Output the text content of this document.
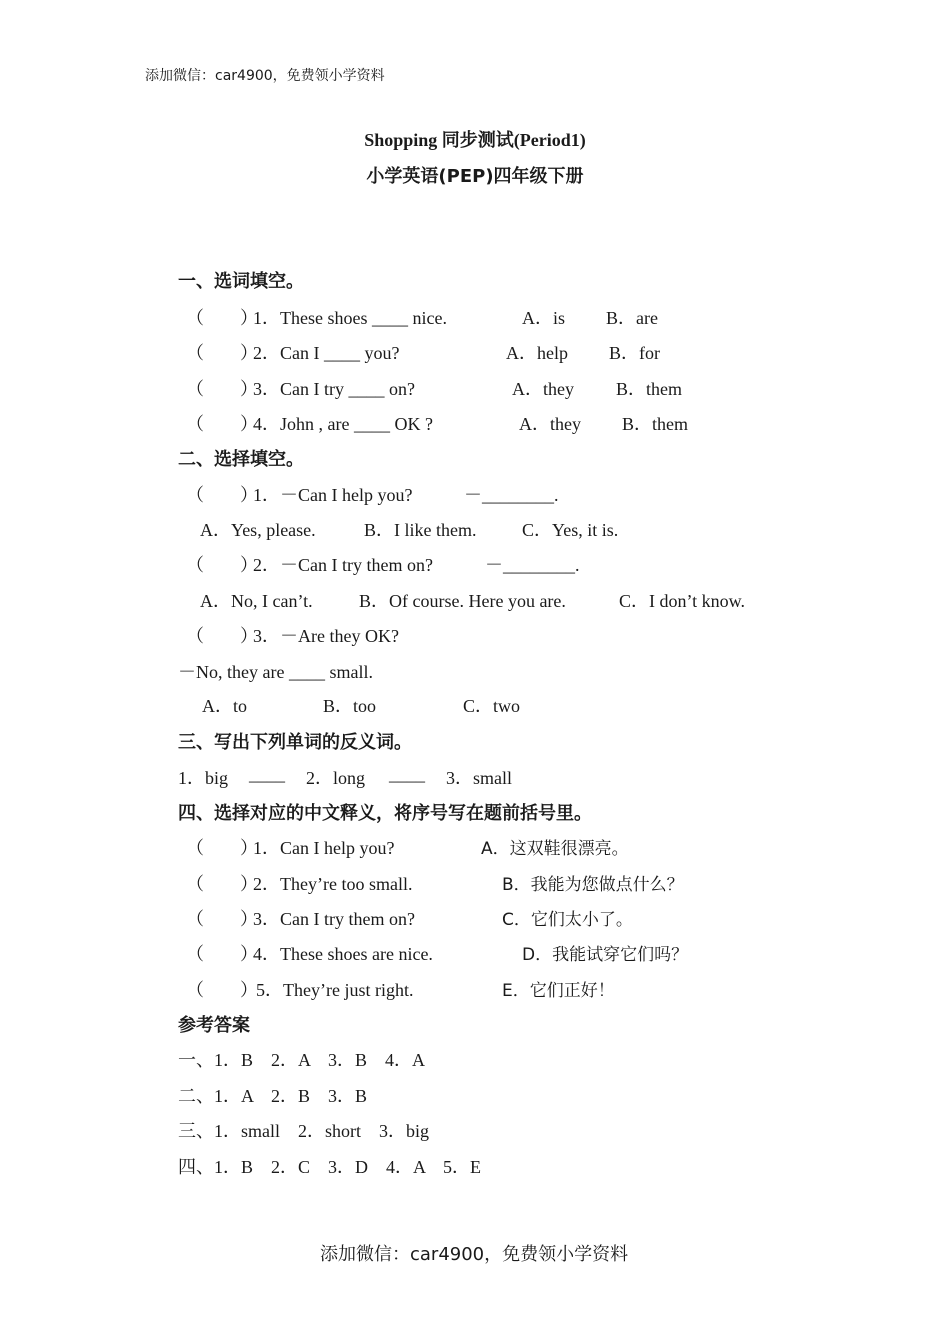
添加微信：car4900，免费领小学资料
Shopping 同步测试(Period1)
小学英语(PEP)四年级下册
一、选词填空。
（　　）
1．These shoes ____ nice.	A．is B．are
（　　）
2．Can I ____ you?	A．help B．for
（　　）
3．Can I try ____ on?	A．they B．them
（　　）
4．John , are ____ OK ?	A．they B．them
二、选择填空。
（　　）
1．－Can I help you?	－________.
A．Yes, please.	B．I like them.	C．Yes, it is.
（　　）
2．－Can I try them on?	－________.
A．No, I can’t.	B．Of course. Here you are.	C．I don’t know.
（　　）
3．－Are they OK?
－No, they are ____ small.
A．to	B．too	C．two
三、写出下列单词的反义词。
1．big ____ 2．long ____ 3．small
四、选择对应的中文释义，将序号写在题前括号里。
（　　）
1．Can I help you?	A．这双鞋很漂亮。
（　　）
2．They’re too small.	B．我能为您做点什么？
（　　）
3．Can I try them on?	C．它们太小了。
（　　）
4．These shoes are nice.	D．我能试穿它们吗？
（　　）
5．They’re just right.	E．它们正好！
参考答案
一、1．B　2．A　3．B　4．A
二、1．A　2．B　3．B
三、1．small　2．short　3．big
四、1．B　2．C　3．D　4．A　5．E
添加微信：car4900，免费领小学资料
